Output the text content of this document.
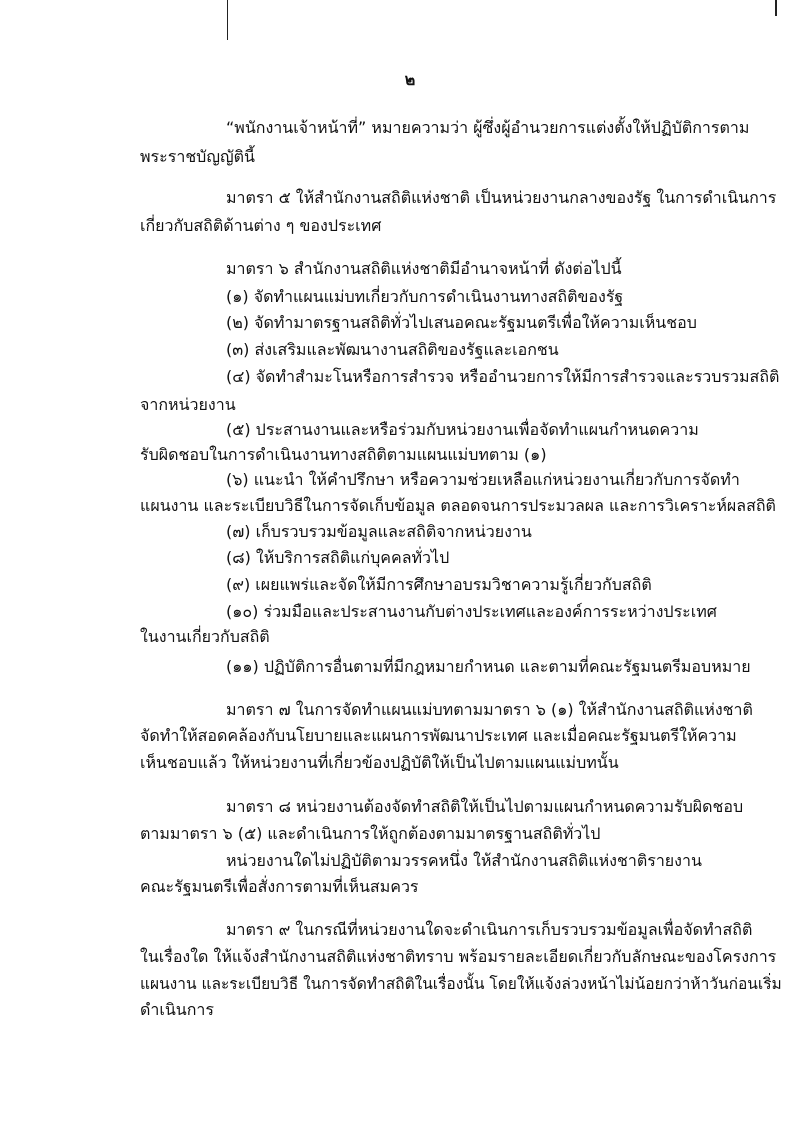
๒
“พนักงานเจ้าหน้าที่” หมายความว่า ผู้ซึ่งผู้อำนวยการแต่งตั้งให้ปฏิบัติการตาม
พระราชบัญญัตินี้
มาตรา ๕ ให้สำนักงานสถิติแห่งชาติ เป็นหน่วยงานกลางของรัฐ ในการดำเนินการ
เกี่ยวกับสถิติด้านต่าง ๆ ของประเทศ
มาตรา ๖ สำนักงานสถิติแห่งชาติมีอำนาจหน้าที่ ดังต่อไปนี้
(๑) จัดทำแผนแม่บทเกี่ยวกับการดำเนินงานทางสถิติของรัฐ
(๒) จัดทำมาตรฐานสถิติทั่วไปเสนอคณะรัฐมนตรีเพื่อให้ความเห็นชอบ
(๓) ส่งเสริมและพัฒนางานสถิติของรัฐและเอกชน
(๔) จัดทำสำมะโนหรือการสำรวจ หรืออำนวยการให้มีการสำรวจและรวบรวมสถิติ
จากหน่วยงาน
(๕) ประสานงานและหรือร่วมกับหน่วยงานเพื่อจัดทำแผนกำหนดความ
รับผิดชอบในการดำเนินงานทางสถิติตามแผนแม่บทตาม (๑)
(๖) แนะนำ ให้คำปรึกษา หรือความช่วยเหลือแก่หน่วยงานเกี่ยวกับการจัดทำ
แผนงาน และระเบียบวิธีในการจัดเก็บข้อมูล ตลอดจนการประมวลผล และการวิเคราะห์ผลสถิติ
(๗) เก็บรวบรวมข้อมูลและสถิติจากหน่วยงาน
(๘) ให้บริการสถิติแก่บุคคลทั่วไป
(๙) เผยแพร่และจัดให้มีการศึกษาอบรมวิชาความรู้เกี่ยวกับสถิติ
(๑๐) ร่วมมือและประสานงานกับต่างประเทศและองค์การระหว่างประเทศ
ในงานเกี่ยวกับสถิติ
(๑๑) ปฏิบัติการอื่นตามที่มีกฎหมายกำหนด และตามที่คณะรัฐมนตรีมอบหมาย
มาตรา ๗ ในการจัดทำแผนแม่บทตามมาตรา ๖ (๑) ให้สำนักงานสถิติแห่งชาติ
จัดทำให้สอดคล้องกับนโยบายและแผนการพัฒนาประเทศ และเมื่อคณะรัฐมนตรีให้ความ
เห็นชอบแล้ว ให้หน่วยงานที่เกี่ยวข้องปฏิบัติให้เป็นไปตามแผนแม่บทนั้น
มาตรา ๘ หน่วยงานต้องจัดทำสถิติให้เป็นไปตามแผนกำหนดความรับผิดชอบ
ตามมาตรา ๖ (๕) และดำเนินการให้ถูกต้องตามมาตรฐานสถิติทั่วไป
หน่วยงานใดไม่ปฏิบัติตามวรรคหนึ่ง ให้สำนักงานสถิติแห่งชาติรายงาน
คณะรัฐมนตรีเพื่อสั่งการตามที่เห็นสมควร
มาตรา ๙ ในกรณีที่หน่วยงานใดจะดำเนินการเก็บรวบรวมข้อมูลเพื่อจัดทำสถิติ
ในเรื่องใด ให้แจ้งสำนักงานสถิติแห่งชาติทราบ พร้อมรายละเอียดเกี่ยวกับลักษณะของโครงการ
แผนงาน และระเบียบวิธี ในการจัดทำสถิติในเรื่องนั้น โดยให้แจ้งล่วงหน้าไม่น้อยกว่าห้าวันก่อนเริ่ม
ดำเนินการ
